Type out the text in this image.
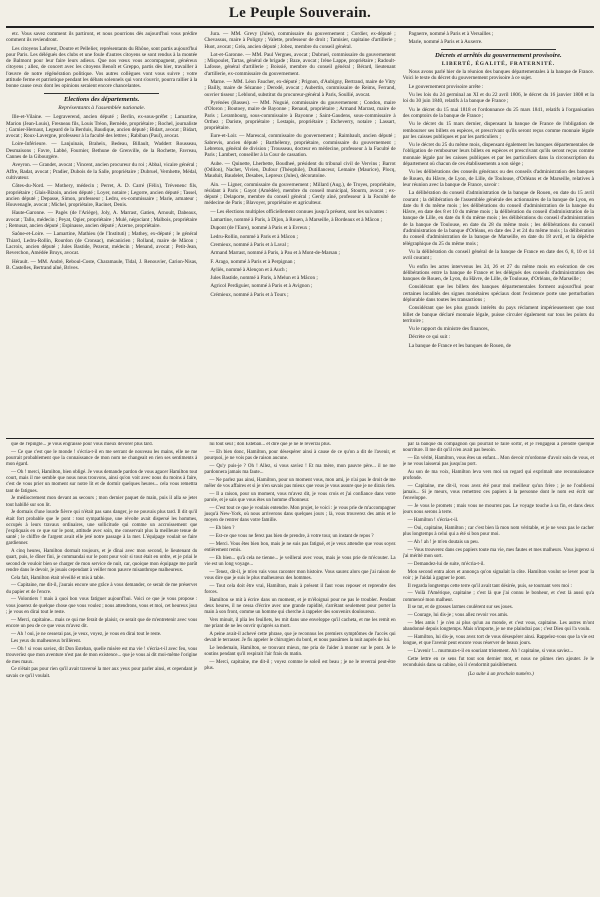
Le Peuple Souverain.

etc. Vous savez comment ils partiront, et nous pourrions dès aujourd'hui vous prédire comment ils reviendront.

Les citoyens Laforest, Doutre et Pellelier, représentants du Rhône, sont partis aujourd'hui pour Paris. Les délégués des clubs et une foule d'autres citoyens se sont rendus à la montée de Balmont pour leur faire leurs adieux. Que nos vœux vous accompagnent, généreux citoyens ; allez, de concert avec les citoyens Benoît et Greppo, partis dès hier, travailler à l'œuvre de notre régénération politique. Vos autres collègues vont vous suivre ; votre attitude ferme et patriotique pendant les débats solennels qui vont s'ouvrir, pourra rallier à la bonne cause ceux dont les opinions seraient encore chancelantes.

Elections des départements.
Représentants à l'assemblée nationale.

Ille-et-Vilaine. — Legraverend, ancien député ; Berlin, ex-sous-préfet ; Lamartine, Marion (Jean-Louis), Fresneau fils, Louis Tréon, Bernède, propriétaire ; Rochel, journaliste ; Garnier-Hernaut, Legeard de la Berduis, Baudique, ancien député ; Bidart, avocat ; Bidart, avocat ; Roux-Lavergne, professeur à la faculté des lettres ; Rabiban (Paul), avocat.

Loire-Inférieure. — Lanjuinais, Braheix, Bedeau, Billault, Waddert Rousseau, Desmaisons ; Favre, Labbé, Fournier, Bethune de Grenville, de la Rochette, Favreau, Cannes de la Gibourgère.

Aveyron. — Grandet, avocat ; Vincent, ancien procureur du roi ; Abbal, vicaire général ; Affre, Radat, avocat ; Pradier, Dubois de la Salle, propriétaire ; Dubruel, Vernhette, Médal, cultivateur.

Côtes-du-Nord. — Mothery, médecin ; Perret, A. D. Carré (Félix), Trévenenc fils, propriétaire ; Glais-Bizoin, ancien député ; Loyer, notaire ; Legorre, ancien député ; Tassel, ancien député ; Depasse, Simon, professeur ; Ledru, ex-commissaire ; Marie, armateur ; Houvenagle, avocat ; Michel, propriétaire, Racinet, Denis.

Haute-Garonne. — Pagès (de l'Ariège), Joly, A. Marrast, Gatien, Arnoult, Dabeaux, avocat ; Tallo, médecin ; Peyat, Ogier, propriétaire ; Mulé, négociant ; Malbois, propriétaire ; Remusat, ancien député ; Espinasse, ancien député ; Azerne, propriétaire.

Saône-et-Loire. — Lamartine, Mathieu (de l'Instituti) ; Mathey, ex-député ; le général Thiard, Ledru-Rollin, Rourdon (de Cronsac), mécanicien ; Rolland, maire de Mâcon ; Lacroix, ancien député ; Jules Bastide, Pezerat, médecin ; Menand, avocat ; Petit-Jean, Reverchon, Amédée Bruys, avocat.

Hérault. — MM. André, Reboul-Coste, Charamaule, Tidal, J. Renouvier, Carion-Nisas, B. Castelles, Bertrand aîné, Brives.

Jura. — MM. Grevy (Jules), commissaire du gouvernement ; Cordier, ex-député ; Chevassus, maire à Poligny ; Valette, professeur de droit ; Tamisier, capitaine d'artillerie ; Huot, avocat ; Gréa, ancien député ; Jobez, membre du conseil général.

Lot-et-Garonne. — MM. Paul Vergnes, avocat ; Dubruel, commissaire du gouvernement ; Mispoulet, Tartas, général de brigade ; Baze, avocat ; Irène Lappe, propriétaire ; Radoult-Lafosse, général d'artillerie ; Boissié, membre du conseil général ; Bérard, lieutenant d'artillerie, ex-commissaire du gouvernement.

Marne. — MM. Léon Faucher, ex-député ; Prignon, d'Aubigny, Bertrand, maire de Vitry ; Bailly, maire de Sézanne ; Derodé, avocat ; Aubertin, commissaire de Reims, Ferrand, ouvrier tisseur ; Leblond, substitut du procureur-général à Paris, Soullié, avocat.

Pyrénées (Basses). — MM. Noguié, commissaire du gouvernement ; Condon, maire d'Oloron ; Boutoey, maire de Bayonne ; Renaud, propriétaire ; Armand Marrast, maire de Paris ; Lerambourg, sous-commissaire à Bayonne ; Saint-Gaudens, sous-commissaire à Orthez ; Dariste, propriétaire ; Lestapis, propriétaire ; Etcheverry, notaire ; Lassart, propriétaire.

Eure-et-Loir. — Marescal, commissaire du gouvernement ; Raimbault, ancien député ; Sabrevis, ancien député ; Barthélemy, propriétaire, commissaire du gouvernement ; Lebreton, général de division ; Trousseau, docteur en médecine, professeur à la Faculté de Paris ; Lambert, conseiller à la Cour de cassation.

Aube. — Quinette, Lherbette, Boudheé, président du tribunal civil de Vervins ; Barrot (Odilon), Nachet, Vivien, Dufour (Théophile), Dutillanceur, Lemaire (Maurice), Plocq, Mauduit, Baudelet, Desabes, Lepreux (Jules), décoratoine.

Ain. — Ligner, commissaire du gouvernement ; Millard (Aug.), de Troyes, propriétaire, résidant à Paris ; Gayot (Amédée), membre du conseil municipal, Stourm, avocat ; ex-député ; Delaporte, membre du conseil général ; Gerdy aîné, professeur à la Faculté de médecine de Paris ; Blavoyer, propriétaire et agriculteur.

— Les élections multiples officiellement connues jusqu'à présent, sont les suivantes :

Lamartine, nommé à Paris, à Dijon, à Rouen, à Marseille, à Bordeaux et à Mâcon ;

Dupont (de l'Eure), nommé à Paris et à Evreux ;

Ledru-Rollin, nommé à Paris et à Mâcon ;

Cremieux, nommé à Paris et à Laval ;

Armand Marrast, nommé à Paris, à Pau et à Mont-de-Marsan ;

F. Arago, nommé à Paris et à Perpignan ;

Ayliès, nommé à Alençon et à Auch ;

Jules Bastide, nommé à Paris, à Melun et à Mâcon ;

Agricol Perdiguier, nommé à Paris et à Avignon ;

Crémieux, nommé à Paris et à Tours ;

Pagnerre, nommé à Paris et à Versailles ;

Marie, nommé à Paris et à Auxerre.

Décrets et arrêtés du gouvernement provisoire.
LIBERTÉ, ÉGALITÉ, FRATERNITÉ.

Nous avons parlé hier de la réunion des banques départementales à la banque de France. Voici le texte du décret du gouvernement provisoire à ce sujet.

Le gouvernement provisoire arrête :

Vu les lois du 24 germinal an XI et du 22 avril 1806, le décret du 16 janvier 1808 et la loi du 30 juin 1840, relatifs à la banque de France ;

Vu le décret du 15 mai 1818 et l'ordonnance du 25 mars 1841, relatifs à l'organisation des comptoirs de la banque de France ;

Vu le décret du 15 mars dernier, dispensant la banque de France de l'obligation de rembourser ses billets en espèces, et prescrivant qu'ils seront reçus comme monnaie légale par les caisses publiques et par les particuliers ;

Vu le décret du 25 du même mois, dispensant également les banques départementales de l'obligation de rembourser leurs billets en espèces et prescrivant qu'ils seront reçus comme monnaie légale par les caisses publiques et par les particuliers dans la circonscription du département où chacun de ces établissements a son siège ;

Vu les délibérations des conseils généraux ou des conseils d'administration des banques de Rouen, du Hâvre, de Lyon, de Lille, de Toulouse, d'Orléans et de Marseille, relatives à leur réunion avec la banque de France, savoir :

La délibération du conseil d'administration de la banque de Rouen, en date du 15 avril courant ; la délibération de l'assemblée générale des actionnaires de la banque de Lyon, en date du 8 du même mois ; les délibérations du conseil d'administration de la banque du Hâvre, en date des 8 et 10 du même mois ; la délibération du conseil d'administration de la banque de Lille, en date du 8 du même mois ; les délibérations du conseil d'administration de la banque de Toulouse, en date du 28 du même mois ; les délibérations du conseil d'administration de la banque d'Orléans, en date des 2 et 24 du même mois ; la délibération du conseil d'administration de la banque de Marseille, en date du 18 avril, et la dépêche télégraphique du 25 du même mois ;

Vu la délibération du conseil général de la banque de France en date des 6, 8, 10 et 14 avril courant ;

Vu enfin les actes intervenus les 24, 26 et 27 du même mois en exécution de ces délibérations entre la banque de France et les délégués des conseils d'administration des banques de Rouen, de Lyon, du Hâvre, de Lille, de Toulouse, d'Orléans, de Marseille ;

Considérant que les billets des banques départementales forment aujourd'hui pour certaines localités des signes monétaires spéciaux dont l'existence porte une perturbation déplorable dans toutes les transactions ;

Considérant que les plus grands intérêts du pays réclament impérieusement que tout billet de banque déclaré monnaie légale, puisse circuler également sur tous les points du territoire ;

Vu le rapport du ministre des finances,

Décrète ce qui suit :

La banque de France et les banques de Rouen, de

que de l'épingle... je vous engraisse pour vous mieux dévorer plus tard.

— Ce que c'est que le monde ! s'écria-t-il en me serrant de nouveau les mains, elle ne me pourrait probablement que la connaissance de mon nom ne changeait en rien ses sentiments à mon égard.

— Oh ! merci, Hamilton, bien obligé. Je vous demande pardon de vous agacer Hamilton tout court, mais il me semble que nous nous trouvons, ainsi qu'on voit avec nous du moins à faire, c'est de vous prier un moment sur notre lit et de dormir quelques heures... cela vous remettra tant de fatigues.

Je médiocrement mon devant au secours ; mon dernier paquet de main, puis il alla se jeter tout habillé sur son lit.

Je dormais d'une lourde fièvre qui n'était pas sans danger, je ne pouvais plus tard. Il dit qu'il était fort probable que le pont : tout sympathique, une révolte avait dispersé les hommes, occupés à leurs travaux ordinaires, une sollicitude qui comme un accroissement que j'expliquais en ce que sur le pont, attitude avec soin, me conservait plus la meilleure tenue de santé ; le chiffre de l'argent avait elle jeté notre passage à la mer. L'équipage voulait se faire gardienner.

A cinq heures, Hamilton dormait toujours, et je dînai avec mon second, le lieutenant du quart, puis, le dîner fini, je commandai sur le pont pour voir si tout était en ordre, et je priai le second de vouloir bien se charger de mon service de nuit, car, quoique mon équipage me parût rendre dans le devoir, je jouais cependant à veiller mon pauvre misanthrope malheureux.

Cela fait, Hamilton était réveillé et mis à table.

— Capitaine, me dit-il, j'aurais encore une grâce à vous demander, ce serait de me préserver du papier et de l'encre.

— Volontiers ! mais à quoi bon vous fatiguer aujourd'hui. Voici ce que je vous propose : vous jouerez de quelque chose que vous voulez ; nous attendrons, vous et moi, cet heureux jour ; je vous en dirai tout le reste.

— Merci, capitaine... mais ce qui me ferait de plaisir, ce serait que de m'entretenir avec vous encore un peu de ce que vous m'avez dit.

— Ah ! oui, je ne cesserai pas, je veux, voyez, je vous en dirai tout le reste.

Les yeux du malheureux brillèrent.

— Oh ! si vous saviez, dit Don Esteban, quelle misère est ma vie ! s'écria-t-il avec feu, vous trouveriez que mon aventure n'est pas de mon existence... que je vous ai dit moi-même l'origine de mes maux.

Ce n'était pas pour rien qu'il avait traversé la mer aux yeux pour parler ainsi, et cependant je savais ce qu'il voulait.

lui tout seul ; don Esteban... et dire que je ne le reverrai plus.

— Eh bien donc, Hamilton, pour désespérer ainsi à cause de ce qu'on a dit de l'avenir, et pourquoi, je ne vois pas de raison aucune.

— Qu'y puis-je ? Oh ! Allez, si vous saviez ! Et ma mère, mon pauvre père... il ne me pardonnera jamais ma faute...

— Ne parlez pas ainsi, Hamilton, pour un moment vous, mon ami, je n'ai pas le droit de me mêler de vos affaires et si je n'en savais pas mieux que vous je vous assure que je ne dirais rien.

— Il a raison, pour un moment, vous m'avez dit, je vous crois et j'ai confiance dans votre parole, et je sais que vous êtes un homme d'honneur.

— C'est tout ce que je voulais entendre. Mon projet, le voici : je vous prie de m'accompagner jusqu'à New-York, où nous arriverons dans quelques jours ; là, vous trouverez des amis et le moyen de rentrer dans votre famille.

— Eh bien ?

— Est-ce que vous ne ferez pas bien de prendre, à votre tour, un instant de repos ?

— Merci. Vous êtes bien bon, mais je ne suis pas fatigué, et je veux attendre que vous soyez entièrement remis.

— Eh bien... qu'à cela ne tienne... je veillerai avec vous, mais je vous prie de m'écouter. La vie est un long voyage...

— Tenez, dit-il, je m'en vais vous raconter mon histoire. Vous saurez alors que j'ai raison de vous dire que je suis le plus malheureux des hommes.

— Tout cela doit être vrai, Hamilton, mais à présent il faut vous reposer et reprendre des forces.

Hamilton se mit à écrire dans un moment, et je m'éloignai pour ne pas le troubler. Pendant deux heures, il ne cessa d'écrire avec une grande rapidité, s'arrêtant seulement pour porter la main à son front, comme un homme qui cherche à rappeler des souvenirs douloureux.

Vers minuit, il plia les feuillets, les mit dans une enveloppe qu'il cacheta, et me les remit en me priant de ne les ouvrir qu'après sa mort.

A peine avait-il achevé cette phrase, que je reconnus les premiers symptômes de l'accès qui devait le terrasser. Je fis appeler le chirurgien du bord, et nous passâmes la nuit auprès de lui.

Le lendemain, Hamilton, se trouvant mieux, me pria de l'aider à monter sur le pont. Je le soutins pendant qu'il respirait l'air frais du matin.

— Merci, capitaine, me dit-il ; voyez comme le soleil est beau ; je ne le reverrai peut-être plus.

par la banque du compagnon qui pourrait le faire sortir, et je l'engageai à prendre quelque nourriture. Il me dit qu'il n'en avait pas besoin.

— En vérité, Hamilton, vous êtes un enfant... Mon devoir m'ordonne d'avoir soin de vous, et je ne vous laisserai pas jusqu'au port.

Au son de ma voix, Hamilton leva vers moi un regard qui exprimait une reconnaissance profonde.

— Capitaine, me dit-il, vous avez été pour moi meilleur qu'un frère ; je ne l'oublierai jamais... Si je meurs, vous remettrez ces papiers à la personne dont le nom est écrit sur l'enveloppe.

— Je vous le promets ; mais vous ne mourrez pas. Le voyage touche à sa fin, et dans deux jours nous serons à terre.

— Hamilton ! s'écria-t-il.

— Oui, capitaine, Hamilton ; car c'est bien là mon nom véritable, et je ne veux pas le cacher plus longtemps à celui qui a été si bon pour moi.

— Ah ! ah ! je m'en doutais un peu.

— Vous trouverez dans ces papiers toute ma vie, mes fautes et mes malheurs. Vous jugerez si j'ai mérité mon sort.

— Demandez-lui de suite, m'écria-t-il.

Mon second entra alors et annonça qu'on signalait la côte. Hamilton voulut se lever pour la voir ; je l'aidai à gagner le pont.

Il regarda longtemps cette terre qu'il avait tant désirée, puis, se tournant vers moi :

— Voilà l'Amérique, capitaine ; c'est là que j'ai connu le bonheur, et c'est là aussi qu'a commencé mon malheur.

Il se tut, et de grosses larmes coulèrent sur ses joues.

— Courage, lui dis-je ; vous allez revoir vos amis.

— Mes amis ! je n'en ai plus qu'un au monde, et c'est vous, capitaine. Les autres m'ont abandonné depuis longtemps. Mais n'importe, je ne me plaindrai pas ; c'est Dieu qui l'a voulu.

— Hamilton, lui dis-je, vous avez tort de vous désespérer ainsi. Rappelez-vous que la vie est longue, et que l'avenir peut encore vous réserver de beaux jours.

— L'avenir !... murmura-t-il en souriant tristement. Ah ! capitaine, si vous saviez...

Cette lettre en ce sens fut tout son dernier mot, et nous ne pûmes rien ajouter. Je le reconduisis dans sa cabine, où il s'endormit paisiblement.

(La suite à un prochain numéro.)
